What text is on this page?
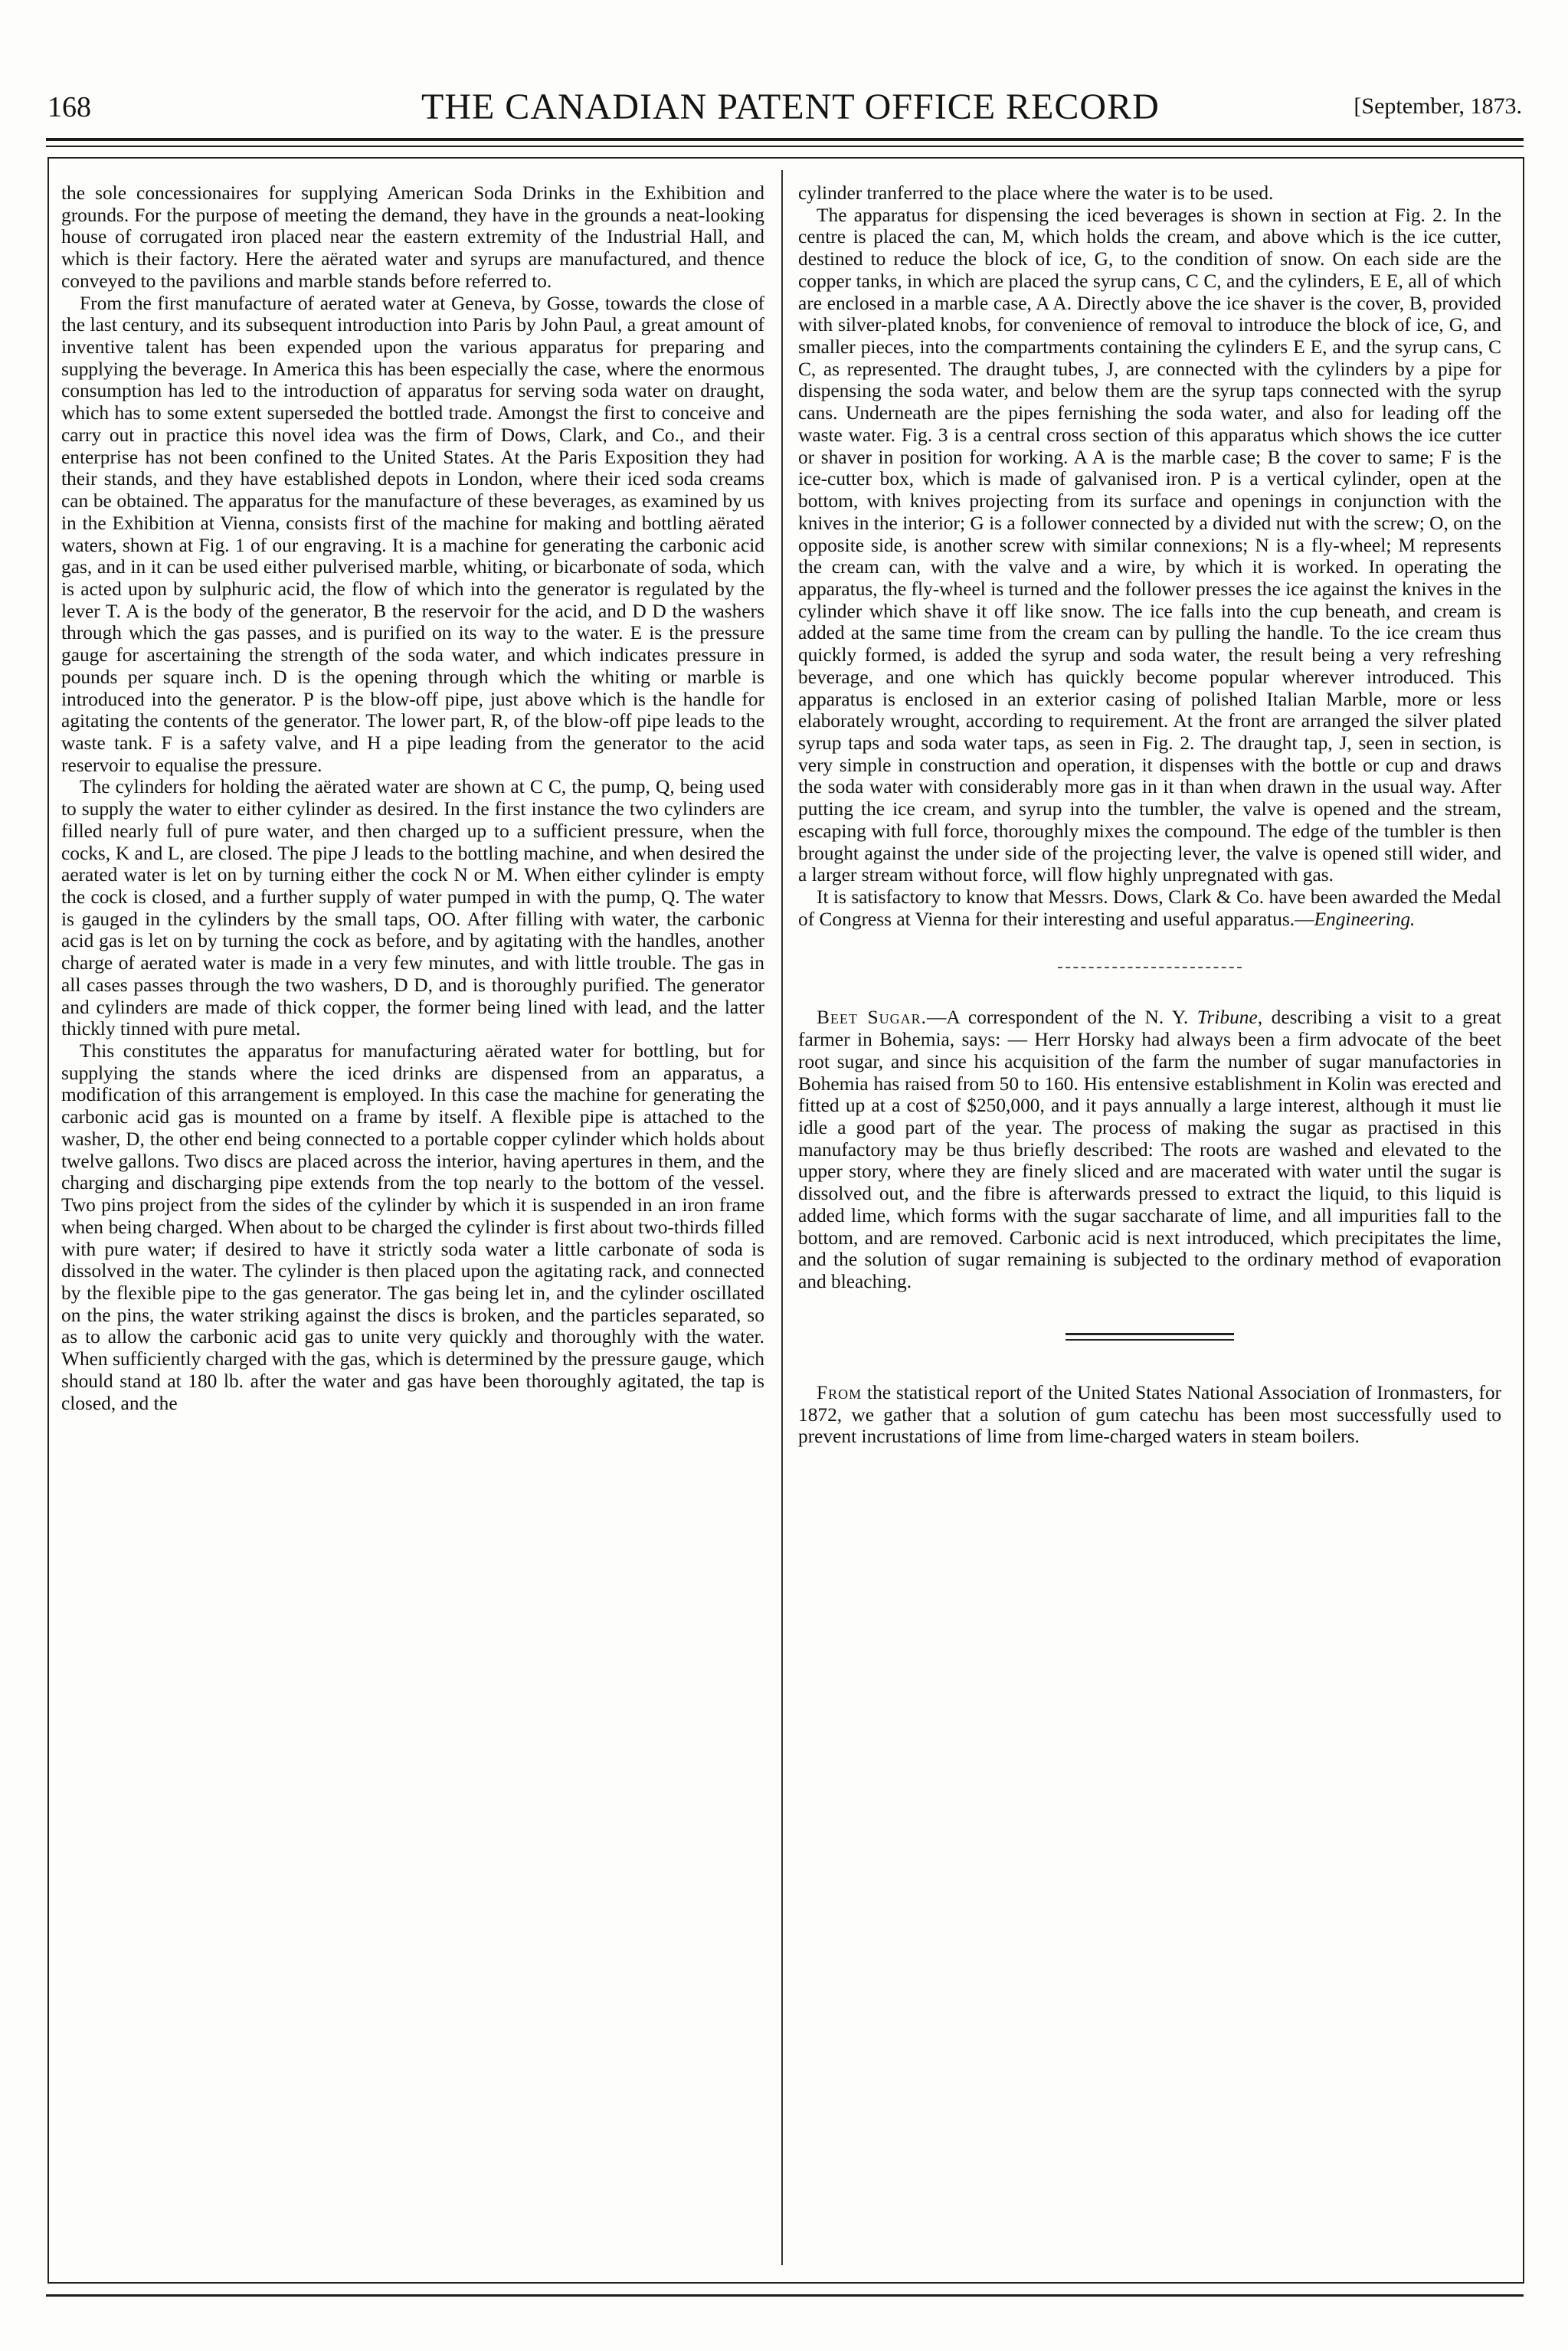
168	THE CANADIAN PATENT OFFICE RECORD	[September, 1873.

the sole concessionaires for supplying American Soda Drinks in the Exhibition and grounds. For the purpose of meeting the demand, they have in the grounds a neat-looking house of corrugated iron placed near the eastern extremity of the Industrial Hall, and which is their factory. Here the aërated water and syrups are manufactured, and thence conveyed to the pavilions and marble stands before referred to.

From the first manufacture of aerated water at Geneva, by Gosse, towards the close of the last century, and its subsequent introduction into Paris by John Paul, a great amount of inventive talent has been expended upon the various apparatus for preparing and supplying the beverage. In America this has been especially the case, where the enormous consumption has led to the introduction of apparatus for serving soda water on draught, which has to some extent superseded the bottled trade. Amongst the first to conceive and carry out in practice this novel idea was the firm of Dows, Clark, and Co., and their enterprise has not been confined to the United States. At the Paris Exposition they had their stands, and they have established depots in London, where their iced soda creams can be obtained. The apparatus for the manufacture of these beverages, as examined by us in the Exhibition at Vienna, consists first of the machine for making and bottling aërated waters, shown at Fig. 1 of our engraving. It is a machine for generating the carbonic acid gas, and in it can be used either pulverised marble, whiting, or bicarbonate of soda, which is acted upon by sulphuric acid, the flow of which into the generator is regulated by the lever T. A is the body of the generator, B the reservoir for the acid, and D D the washers through which the gas passes, and is purified on its way to the water. E is the pressure gauge for ascertaining the strength of the soda water, and which indicates pressure in pounds per square inch. D is the opening through which the whiting or marble is introduced into the generator. P is the blow-off pipe, just above which is the handle for agitating the contents of the generator. The lower part, R, of the blow-off pipe leads to the waste tank. F is a safety valve, and H a pipe leading from the generator to the acid reservoir to equalise the pressure.

The cylinders for holding the aërated water are shown at C C, the pump, Q, being used to supply the water to either cylinder as desired. In the first instance the two cylinders are filled nearly full of pure water, and then charged up to a sufficient pressure, when the cocks, K and L, are closed. The pipe J leads to the bottling machine, and when desired the aerated water is let on by turning either the cock N or M. When either cylinder is empty the cock is closed, and a further supply of water pumped in with the pump, Q. The water is gauged in the cylinders by the small taps, OO. After filling with water, the carbonic acid gas is let on by turning the cock as before, and by agitating with the handles, another charge of aerated water is made in a very few minutes, and with little trouble. The gas in all cases passes through the two washers, D D, and is thoroughly purified. The generator and cylinders are made of thick copper, the former being lined with lead, and the latter thickly tinned with pure metal.

This constitutes the apparatus for manufacturing aërated water for bottling, but for supplying the stands where the iced drinks are dispensed from an apparatus, a modification of this arrangement is employed. In this case the machine for generating the carbonic acid gas is mounted on a frame by itself. A flexible pipe is attached to the washer, D, the other end being connected to a portable copper cylinder which holds about twelve gallons. Two discs are placed across the interior, having apertures in them, and the charging and discharging pipe extends from the top nearly to the bottom of the vessel. Two pins project from the sides of the cylinder by which it is suspended in an iron frame when being charged. When about to be charged the cylinder is first about two-thirds filled with pure water; if desired to have it strictly soda water a little carbonate of soda is dissolved in the water. The cylinder is then placed upon the agitating rack, and connected by the flexible pipe to the gas generator. The gas being let in, and the cylinder oscillated on the pins, the water striking against the discs is broken, and the particles separated, so as to allow the carbonic acid gas to unite very quickly and thoroughly with the water. When sufficiently charged with the gas, which is determined by the pressure gauge, which should stand at 180 lb. after the water and gas have been thoroughly agitated, the tap is closed, and the

cylinder tranferred to the place where the water is to be used.

The apparatus for dispensing the iced beverages is shown in section at Fig. 2. In the centre is placed the can, M, which holds the cream, and above which is the ice cutter, destined to reduce the block of ice, G, to the condition of snow. On each side are the copper tanks, in which are placed the syrup cans, C C, and the cylinders, E E, all of which are enclosed in a marble case, A A. Directly above the ice shaver is the cover, B, provided with silver-plated knobs, for convenience of removal to introduce the block of ice, G, and smaller pieces, into the compartments containing the cylinders E E, and the syrup cans, C C, as represented. The draught tubes, J, are connected with the cylinders by a pipe for dispensing the soda water, and below them are the syrup taps connected with the syrup cans. Underneath are the pipes fernishing the soda water, and also for leading off the waste water. Fig. 3 is a central cross section of this apparatus which shows the ice cutter or shaver in position for working. A A is the marble case; B the cover to same; F is the ice-cutter box, which is made of galvanised iron. P is a vertical cylinder, open at the bottom, with knives projecting from its surface and openings in conjunction with the knives in the interior; G is a follower connected by a divided nut with the screw; O, on the opposite side, is another screw with similar connexions; N is a fly-wheel; M represents the cream can, with the valve and a wire, by which it is worked. In operating the apparatus, the fly-wheel is turned and the follower presses the ice against the knives in the cylinder which shave it off like snow. The ice falls into the cup beneath, and cream is added at the same time from the cream can by pulling the handle. To the ice cream thus quickly formed, is added the syrup and soda water, the result being a very refreshing beverage, and one which has quickly become popular wherever introduced. This apparatus is enclosed in an exterior casing of polished Italian Marble, more or less elaborately wrought, according to requirement. At the front are arranged the silver plated syrup taps and soda water taps, as seen in Fig. 2. The draught tap, J, seen in section, is very simple in construction and operation, it dispenses with the bottle or cup and draws the soda water with considerably more gas in it than when drawn in the usual way. After putting the ice cream, and syrup into the tumbler, the valve is opened and the stream, escaping with full force, thoroughly mixes the compound. The edge of the tumbler is then brought against the under side of the projecting lever, the valve is opened still wider, and a larger stream without force, will flow highly unpregnated with gas.

It is satisfactory to know that Messrs. Dows, Clark & Co. have been awarded the Medal of Congress at Vienna for their interesting and useful apparatus.—Engineering.

Beet Sugar.—A correspondent of the N. Y. Tribune, describing a visit to a great farmer in Bohemia, says: — Herr Horsky had always been a firm advocate of the beet root sugar, and since his acquisition of the farm the number of sugar manufactories in Bohemia has raised from 50 to 160. His entensive establishment in Kolin was erected and fitted up at a cost of $250,000, and it pays annually a large interest, although it must lie idle a good part of the year. The process of making the sugar as practised in this manufactory may be thus briefly described: The roots are washed and elevated to the upper story, where they are finely sliced and are macerated with water until the sugar is dissolved out, and the fibre is afterwards pressed to extract the liquid, to this liquid is added lime, which forms with the sugar saccharate of lime, and all impurities fall to the bottom, and are removed. Carbonic acid is next introduced, which precipitates the lime, and the solution of sugar remaining is subjected to the ordinary method of evaporation and bleaching.

From the statistical report of the United States National Association of Ironmasters, for 1872, we gather that a solution of gum catechu has been most successfully used to prevent incrustations of lime from lime-charged waters in steam boilers.
